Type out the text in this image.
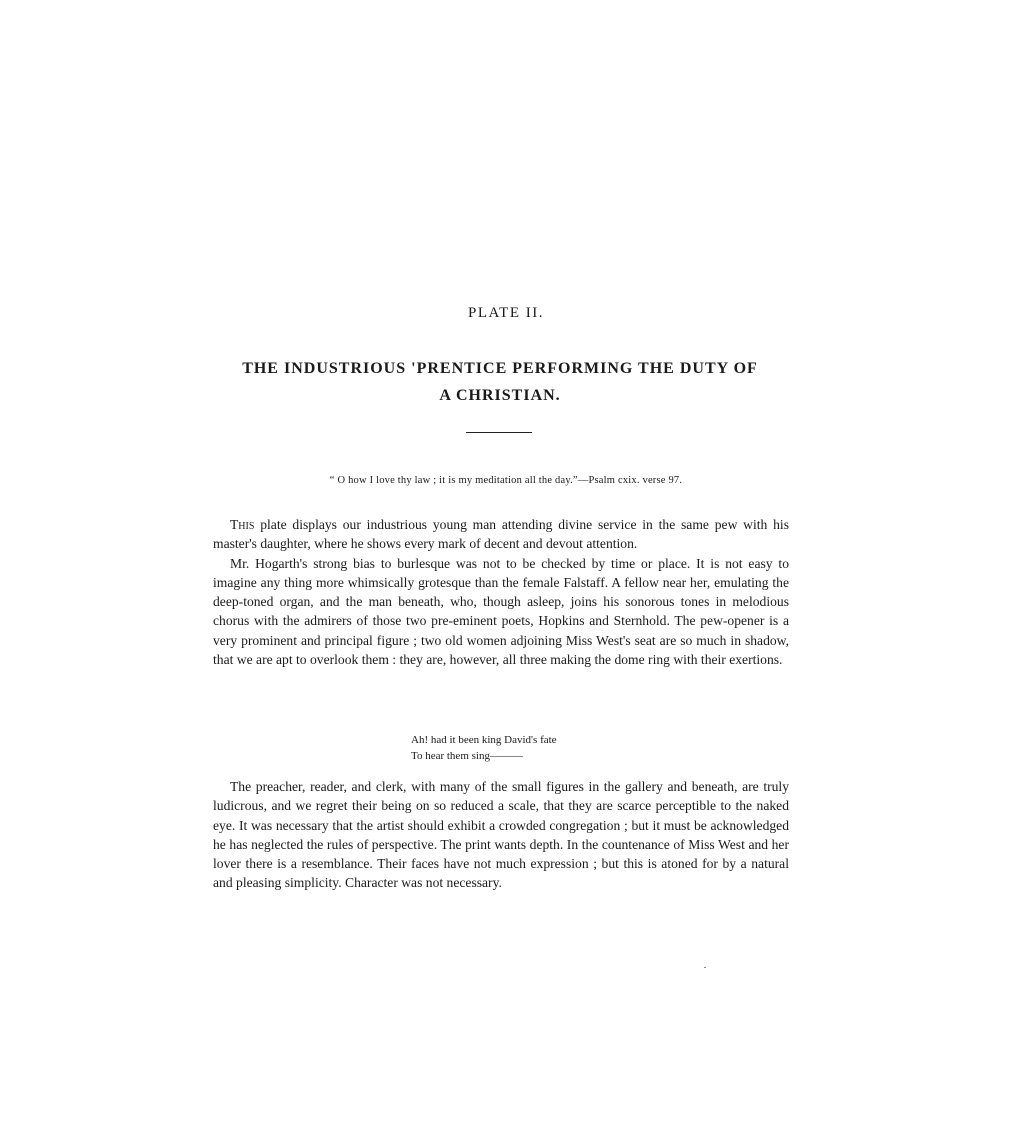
PLATE II.
THE INDUSTRIOUS 'PRENTICE PERFORMING THE DUTY OF
A CHRISTIAN.
“ O how I love thy law ; it is my meditation all the day.”—Psalm cxix. verse 97.

This plate displays our industrious young man attending divine service in the same pew with his master's daughter, where he shows every mark of decent and devout attention.

Mr. Hogarth's strong bias to burlesque was not to be checked by time or place. It is not easy to imagine any thing more whimsically grotesque than the female Falstaff. A fellow near her, emulating the deep-toned organ, and the man beneath, who, though asleep, joins his sonorous tones in melodious chorus with the admirers of those two pre-eminent poets, Hopkins and Sternhold. The pew-opener is a very prominent and principal figure ; two old women adjoining Miss West's seat are so much in shadow, that we are apt to overlook them : they are, however, all three making the dome ring with their exertions.

Ah! had it been king David's fate
To hear them sing———

The preacher, reader, and clerk, with many of the small figures in the gallery and beneath, are truly ludicrous, and we regret their being on so reduced a scale, that they are scarce perceptible to the naked eye. It was necessary that the artist should exhibit a crowded congregation ; but it must be acknowledged he has neglected the rules of perspective. The print wants depth. In the countenance of Miss West and her lover there is a resemblance. Their faces have not much expression ; but this is atoned for by a natural and pleasing simplicity. Character was not necessary.
